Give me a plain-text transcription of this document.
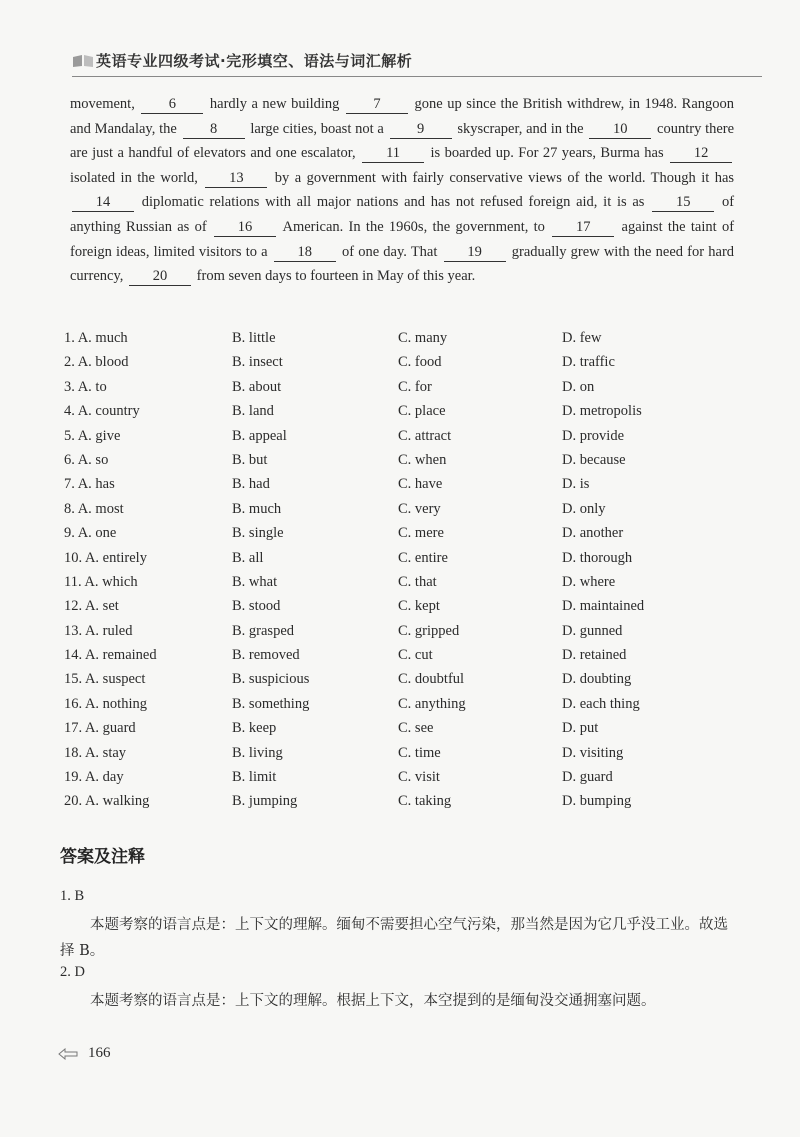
英语专业四级考试·完形填空、语法与词汇解析
movement, 6 hardly a new building 7 gone up since the British withdrew, in 1948. Rangoon and Mandalay, the 8 large cities, boast not a 9 skyscraper, and in the 10 country there are just a handful of elevators and one escalator, 11 is boarded up. For 27 years, Burma has 12 isolated in the world, 13 by a government with fairly conservative views of the world. Though it has 14 diplomatic relations with all major nations and has not refused foreign aid, it is as 15 of anything Russian as of 16 American. In the 1960s, the government, to 17 against the taint of foreign ideas, limited visitors to a 18 of one day. That 19 gradually grew with the need for hard currency, 20 from seven days to fourteen in May of this year.
1. A. much	B. little	C. many	D. few
2. A. blood	B. insect	C. food	D. traffic
3. A. to	B. about	C. for	D. on
4. A. country	B. land	C. place	D. metropolis
5. A. give	B. appeal	C. attract	D. provide
6. A. so	B. but	C. when	D. because
7. A. has	B. had	C. have	D. is
8. A. most	B. much	C. very	D. only
9. A. one	B. single	C. mere	D. another
10. A. entirely	B. all	C. entire	D. thorough
11. A. which	B. what	C. that	D. where
12. A. set	B. stood	C. kept	D. maintained
13. A. ruled	B. grasped	C. gripped	D. gunned
14. A. remained	B. removed	C. cut	D. retained
15. A. suspect	B. suspicious	C. doubtful	D. doubting
16. A. nothing	B. something	C. anything	D. each thing
17. A. guard	B. keep	C. see	D. put
18. A. stay	B. living	C. time	D. visiting
19. A. day	B. limit	C. visit	D. guard
20. A. walking	B. jumping	C. taking	D. bumping
答案及注释
1. B
本题考察的语言点是：上下文的理解。缅甸不需要担心空气污染，那当然是因为它几乎没工业。故选择 B。
2. D
本题考察的语言点是：上下文的理解。根据上下文，本空提到的是缅甸没交通拥塞问题。
166
